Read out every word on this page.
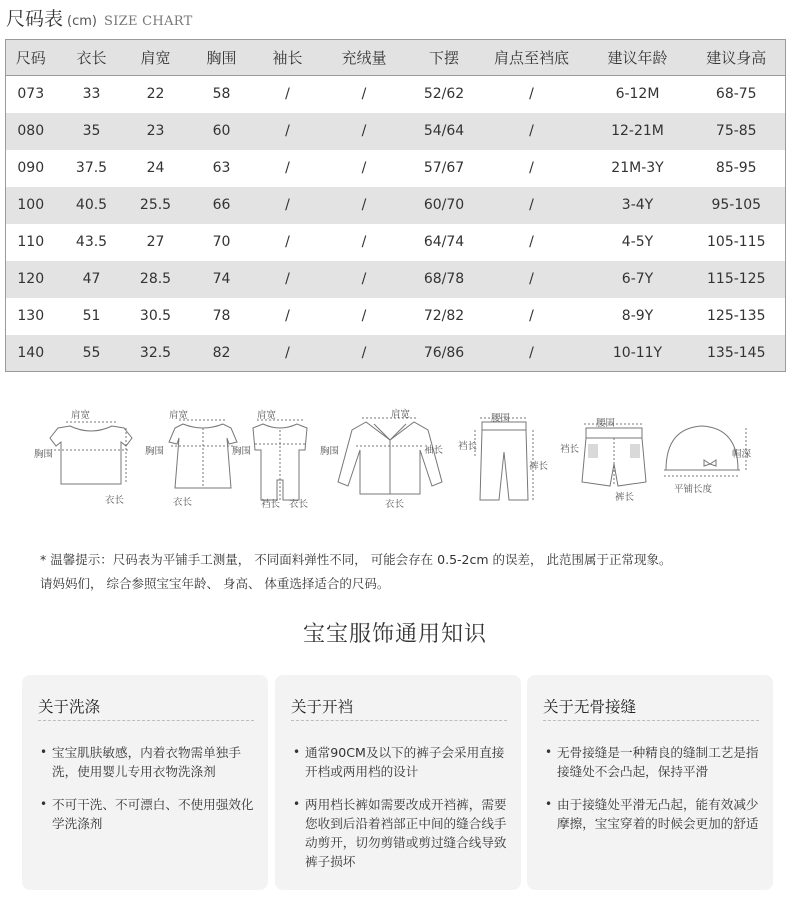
尺码表 (cm) SIZE CHART
尺码	衣长	肩宽	胸围	袖长	充绒量	下摆	肩点至裆底	建议年龄	建议身高
073	33	22	58	/	/	52/62	/	6-12M	68-75
080	35	23	60	/	/	54/64	/	12-21M	75-85
090	37.5	24	63	/	/	57/67	/	21M-3Y	85-95
100	40.5	25.5	66	/	/	60/70	/	3-4Y	95-105
110	43.5	27	70	/	/	64/74	/	4-5Y	105-115
120	47	28.5	74	/	/	68/78	/	6-7Y	115-125
130	51	30.5	78	/	/	72/82	/	8-9Y	125-135
140	55	32.5	82	/	/	76/86	/	10-11Y	135-145
肩宽
胸围
衣长
肩宽
胸围
衣长
肩宽
胸围
裆长 衣长
肩宽
胸围	袖长
衣长
腰围
裆长
裤长
腰围
裆长
裤长
帽深
平铺长度
* 温馨提示：尺码表为平铺手工测量， 不同面料弹性不同， 可能会存在 0.5-2cm 的误差， 此范围属于正常现象。
请妈妈们， 综合参照宝宝年龄、 身高、 体重选择适合的尺码。
宝宝服饰通用知识
关于洗涤
• 宝宝肌肤敏感，内着衣物需单独手洗，使用婴儿专用衣物洗涤剂
• 不可干洗、不可漂白、不使用强效化学洗涤剂
关于开裆
• 通常90CM及以下的裤子会采用直接开档或两用档的设计
• 两用档长裤如需要改成开裆裤，需要您收到后沿着裆部正中间的缝合线手动剪开，切勿剪错或剪过缝合线导致裤子损坏
关于无骨接缝
• 无骨接缝是一种精良的缝制工艺是指接缝处不会凸起，保持平滑
• 由于接缝处平滑无凸起，能有效减少摩擦，宝宝穿着的时候会更加的舒适
